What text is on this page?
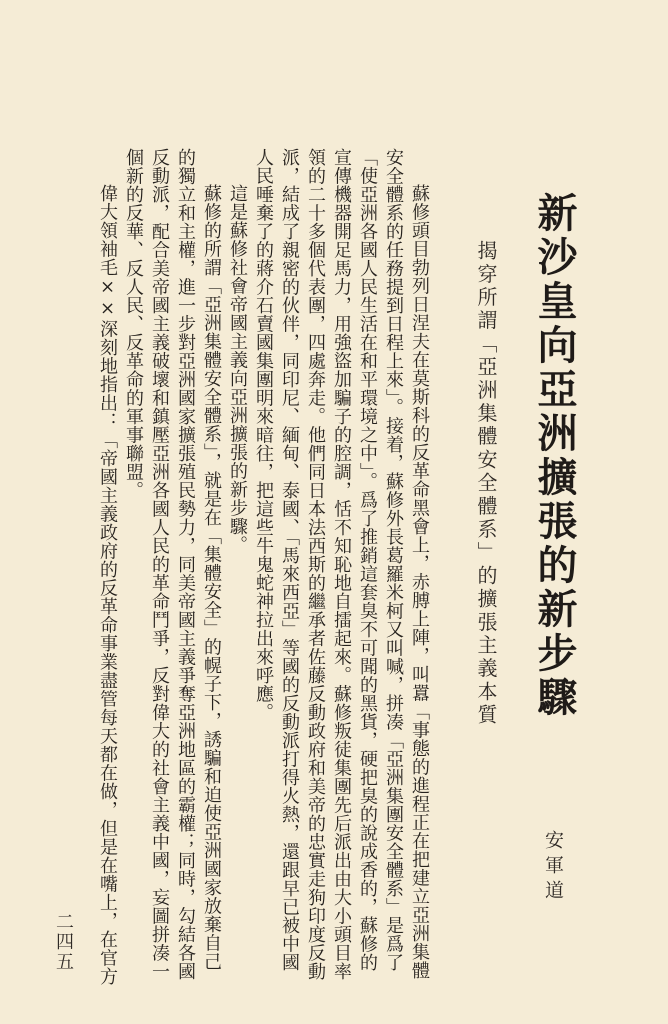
新沙皇向亞洲擴張的新步驟
揭穿所謂「亞洲集體安全體系」的擴張主義本質
安軍道

蘇修頭目勃列日涅夫在莫斯科的反革命黑會上，赤膊上陣，叫囂「事態的進程正在把建立亞洲集體安全體系的任務提到日程上來」。接着，蘇修外長葛羅米柯又叫喊，拼凑「亞洲集團安全體系」是爲了「使亞洲各國人民生活在和平環境之中」。爲了推銷這套臭不可聞的黑貨，硬把臭的說成香的，蘇修的宣傳機器開足馬力，用強盜加騙子的腔調，恬不知恥地自擂起來。蘇修叛徒集團先后派出由大小頭目率領的二十多個代表團，四處奔走。他們同日本法西斯的繼承者佐藤反動政府和美帝的忠實走狗印度反動派，結成了親密的伙伴，同印尼、緬甸、泰國、「馬來西亞」等國的反動派打得火熱，還跟早已被中國人民唾棄了的蔣介石賣國集團明來暗往，把這些牛鬼蛇神拉出來呼應。

這是蘇修社會帝國主義向亞洲擴張的新步驟。

蘇修的所謂「亞洲集體安全體系」，就是在「集體安全」的幌子下，誘騙和迫使亞洲國家放棄自己的獨立和主權，進一步對亞洲國家擴張殖民勢力，同美帝國主義爭奪亞洲地區的霸權；同時，勾結各國反動派，配合美帝國主義破壞和鎮壓亞洲各國人民的革命鬥爭，反對偉大的社會主義中國，妄圖拼凑一個新的反華、反人民、反革命的軍事聯盟。

偉大領袖毛××深刻地指出：「帝國主義政府的反革命事業盡管每天都在做，但是在嘴上，在官方

二四五
